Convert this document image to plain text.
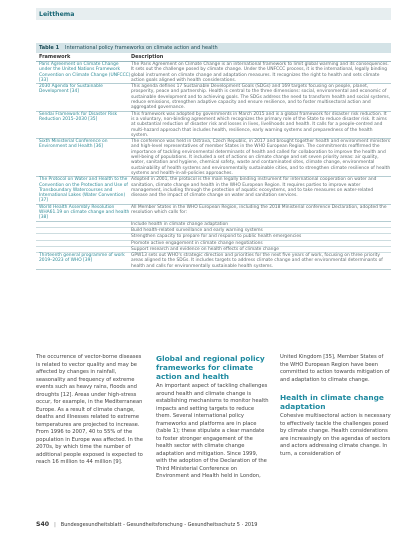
Leitthema
Table 1 International policy frameworks on climate action and health
Framework	Description
Paris Agreement on Climate Change under the United Nations Framework Convention on Climate Change (UNFCCC) [33]
The Paris Agreement on Climate Change is an international framework to limit global warming and its consequences. It sets out the challenge posed by climate change. Under the UNFCCC process, it is the international, legally binding global instrument on climate change and adaptation measures. It recognizes the right to health and sets climate action goals aligned with health considerations.
2030 Agenda for Sustainable Development [34]
This agenda defines 17 Sustainable Development Goals (SDGs) and 169 targets focusing on people, planet, prosperity, peace and partnership. Health is central to the three dimensions: social, environmental and economic of sustainable development and to achieving goals. The SDGs address the need to transform health and social systems, reduce emissions, strengthen adaptive capacity and ensure resilience, and to foster multisectoral action and aggregated governance.
Sendai Framework for Disaster Risk Reduction 2015–2030 [35]
This framework was adopted by governments in March 2015 and is a global framework for disaster risk reduction. It is a voluntary, non-binding agreement which recognizes the primary role of the State to reduce disaster risk. It aims at substantial reduction of disaster risk and losses in lives, livelihoods and health. It calls for a people-centred and multi-hazard approach that includes health, resilience, early warning systems and preparedness of the health system.
Sixth Ministerial Conference on Environment and Health [36]
The conference was held in Ostrava, Czech Republic, in 2017 and brought together health and environment ministers and high-level representatives of member States in the WHO European Region. The commitments reaffirmed the importance of tackling environmental determinants of health and called for collaboration to improve the health and well-being of populations. It included a set of actions on climate change and set seven priority areas: air quality, water, sanitation and hygiene, chemical safety, waste and contaminated sites, climate change, environmental sustainability of health systems and environmentally sustainable cities, and to strengthen climate resilience of health systems and health-in-all-policies approaches.
The Protocol on Water and Health to the Convention on the Protection and Use of Transboundary Watercourses and International Lakes (Water Convention) [37]
Adopted in 2001, the protocol is the main legally binding instrument for international cooperation on water and sanitation, climate change and health in the WHO European Region. It requires parties to improve water management, including through the protection of aquatic ecosystems, and to take measures on water-related disease and the impact of climate change on water and sanitation services.
World Health Assembly Resolution WHA61.19 on climate change and health [38]
All Member States in the WHO European Region, including the 2018 Ministerial conference Declaration, adopted the resolution which calls for:
Include health in climate change adaptation
Build health-related surveillance and early warning systems
Strengthen capacity to prepare for and respond to public health emergencies
Promote active engagement in climate change negotiations
Support research and evidence on health effects of climate change
Thirteenth general programme of work 2019–2023 of WHO [39]
GPW13 sets out WHO's strategic direction and priorities for the next five years of work, focusing on three priority areas aligned to the SDGs. It includes targets to address climate change and other environmental determinants of health and calls for environmentally sustainable health systems.
The occurrence of vector-borne diseases is related to vector quality and may be affected by changes in rainfall, seasonality and frequency of extreme events such as heavy rains, floods and droughts [12]. Areas under high-stress occur, for example, in the Mediterranean Europe. As a result of climate change, deaths and illnesses related to extreme temperatures are projected to increase. From 1996 to 2007, 40 to 55% of the population in Europe was affected. In the 2070s, by which time the number of additional people exposed is expected to reach 16 million to 44 million [9].
Global and regional policy frameworks for climate action and health
An important aspect of tackling challenges around health and climate change is establishing mechanisms to monitor health impacts and setting targets to reduce them. Several international policy frameworks and platforms are in place (table 1); these stipulate a clear mandate to foster stronger engagement of the health sector with climate change adaptation and mitigation. Since 1999, with the adoption of the Declaration of the Third Ministerial Conference on Environment and Health held in London,
United Kingdom [35], Member States of the WHO European Region have been committed to action towards mitigation of and adaptation to climate change.
Health in climate change adaptation
Cohesive multisectoral action is necessary to effectively tackle the challenges posed by climate change. Health considerations are increasingly on the agendas of sectors and actors addressing climate change. In turn, a consideration of
S40 | Bundesgesundheitsblatt - Gesundheitsforschung - Gesundheitsschutz 5 · 2019
